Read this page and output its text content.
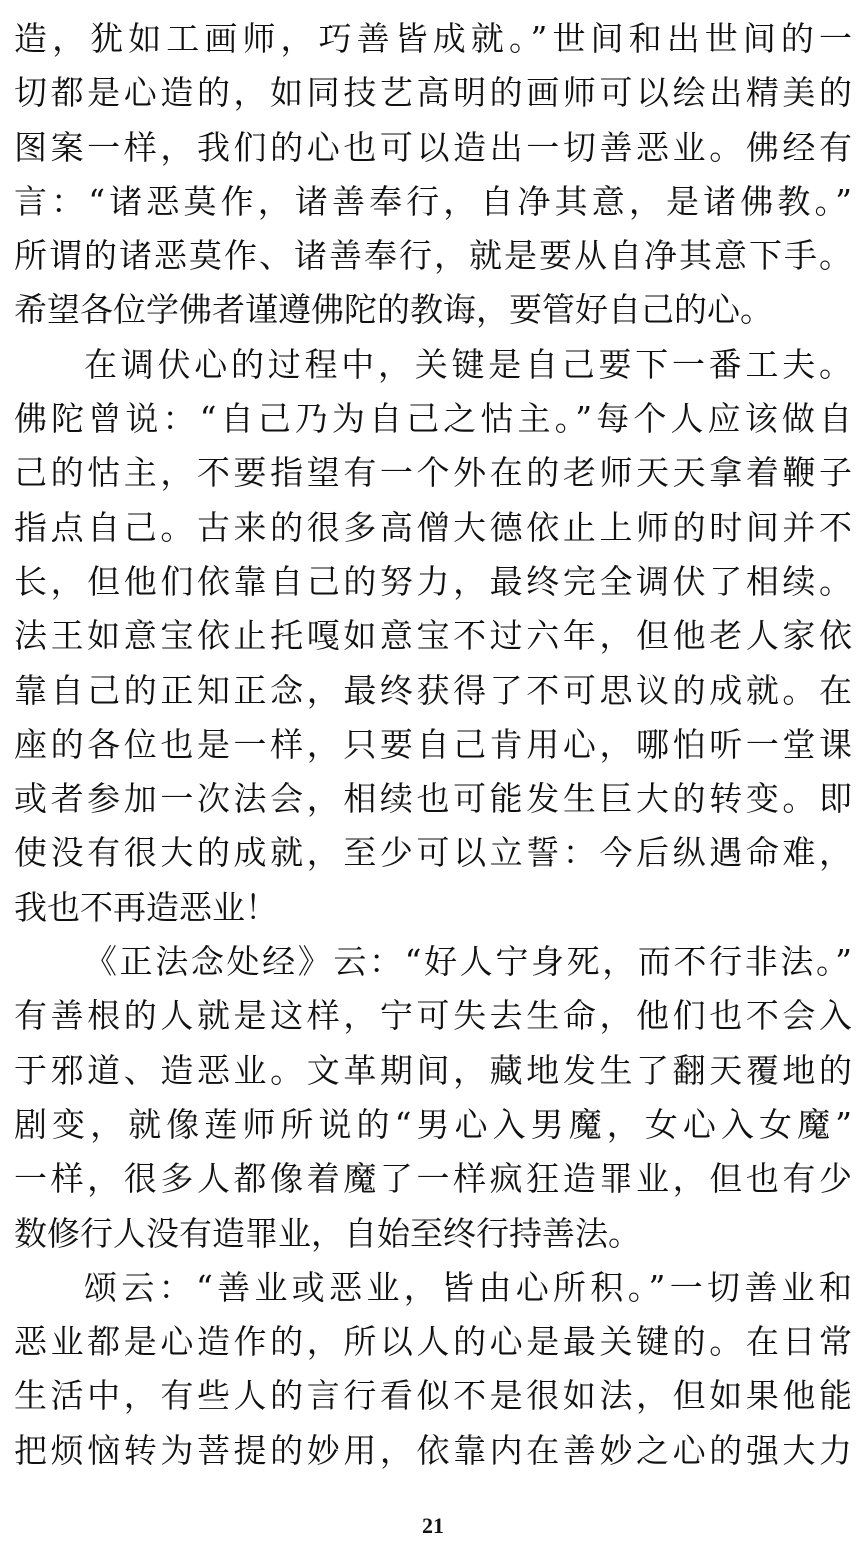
造，犹如工画师，巧善皆成就。”世间和出世间的一
切都是心造的，如同技艺高明的画师可以绘出精美的
图案一样，我们的心也可以造出一切善恶业。佛经有
言：“诸恶莫作，诸善奉行，自净其意，是诸佛教。”
所谓的诸恶莫作、诸善奉行，就是要从自净其意下手。
希望各位学佛者谨遵佛陀的教诲，要管好自己的心。
在调伏心的过程中，关键是自己要下一番工夫。
佛陀曾说：“自己乃为自己之怙主。”每个人应该做自
己的怙主，不要指望有一个外在的老师天天拿着鞭子
指点自己。古来的很多高僧大德依止上师的时间并不
长，但他们依靠自己的努力，最终完全调伏了相续。
法王如意宝依止托嘎如意宝不过六年，但他老人家依
靠自己的正知正念，最终获得了不可思议的成就。在
座的各位也是一样，只要自己肯用心，哪怕听一堂课
或者参加一次法会，相续也可能发生巨大的转变。即
使没有很大的成就，至少可以立誓：今后纵遇命难，
我也不再造恶业！
《正法念处经》云：“好人宁身死，而不行非法。”
有善根的人就是这样，宁可失去生命，他们也不会入
于邪道、造恶业。文革期间，藏地发生了翻天覆地的
剧变，就像莲师所说的“男心入男魔，女心入女魔”
一样，很多人都像着魔了一样疯狂造罪业，但也有少
数修行人没有造罪业，自始至终行持善法。
颂云：“善业或恶业，皆由心所积。”一切善业和
恶业都是心造作的，所以人的心是最关键的。在日常
生活中，有些人的言行看似不是很如法，但如果他能
把烦恼转为菩提的妙用，依靠内在善妙之心的强大力
21
